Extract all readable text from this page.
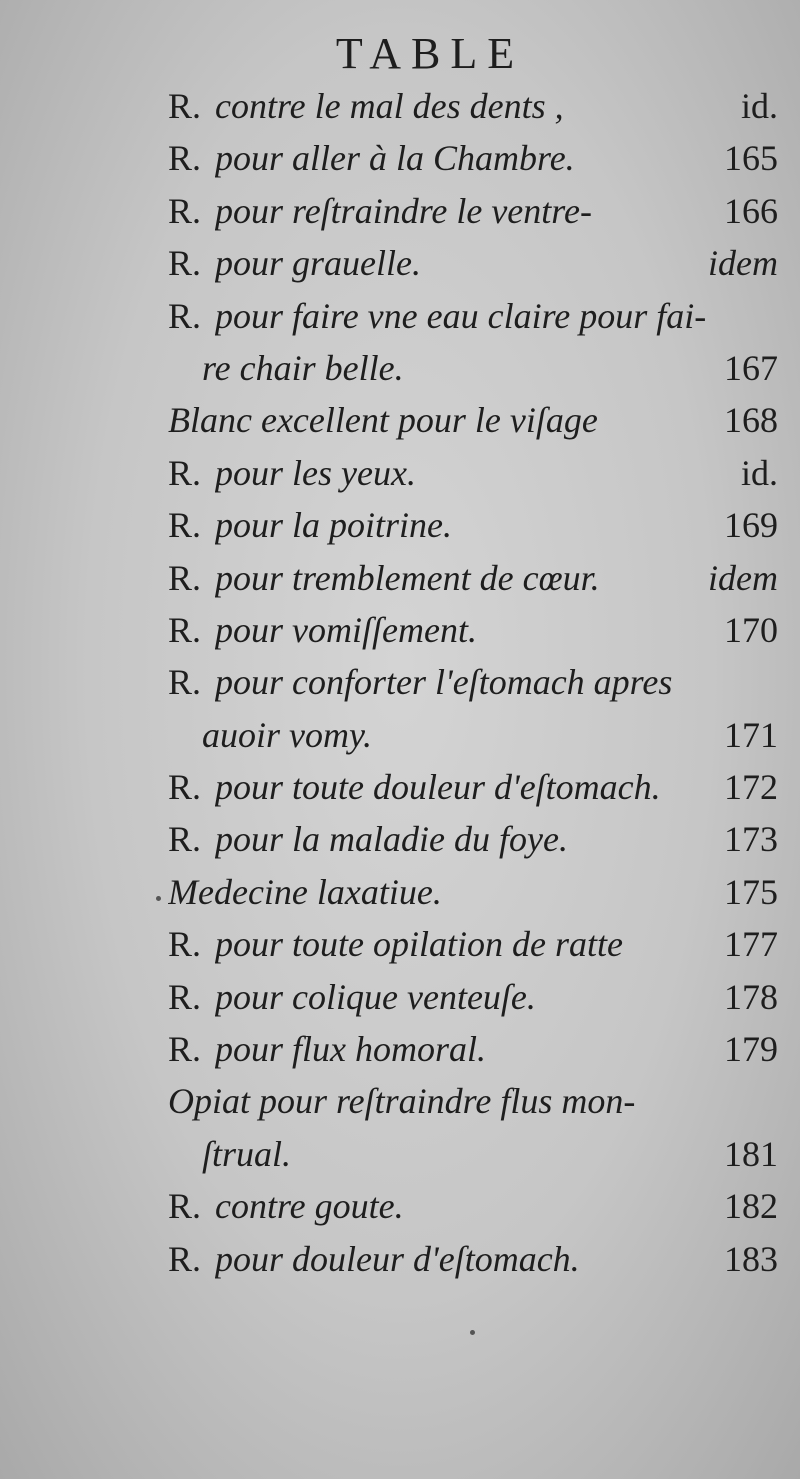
TABLE
R. contre le mal des dents ,	id.
R. pour aller à la Chambre.	165
R. pour reſtraindre le ventre-	166
R. pour grauelle.	idem
R. pour faire vne eau claire pour fai-
re chair belle.	167
Blanc excellent pour le viſage	168
R. pour les yeux.	id.
R. pour la poitrine.	169
R. pour tremblement de cœur.	idem
R. pour vomiſſement.	170
R. pour conforter l'eſtomach apres
auoir vomy.	171
R. pour toute douleur d'eſtomach.	172
R. pour la maladie du foye.	173
Medecine laxatiue.	175
R. pour toute opilation de ratte	177
R. pour colique venteuſe.	178
R. pour flux homoral.	179
Opiat pour reſtraindre flus mon-
ſtrual.	181
R. contre goute.	182
R. pour douleur d'eſtomach.	183
